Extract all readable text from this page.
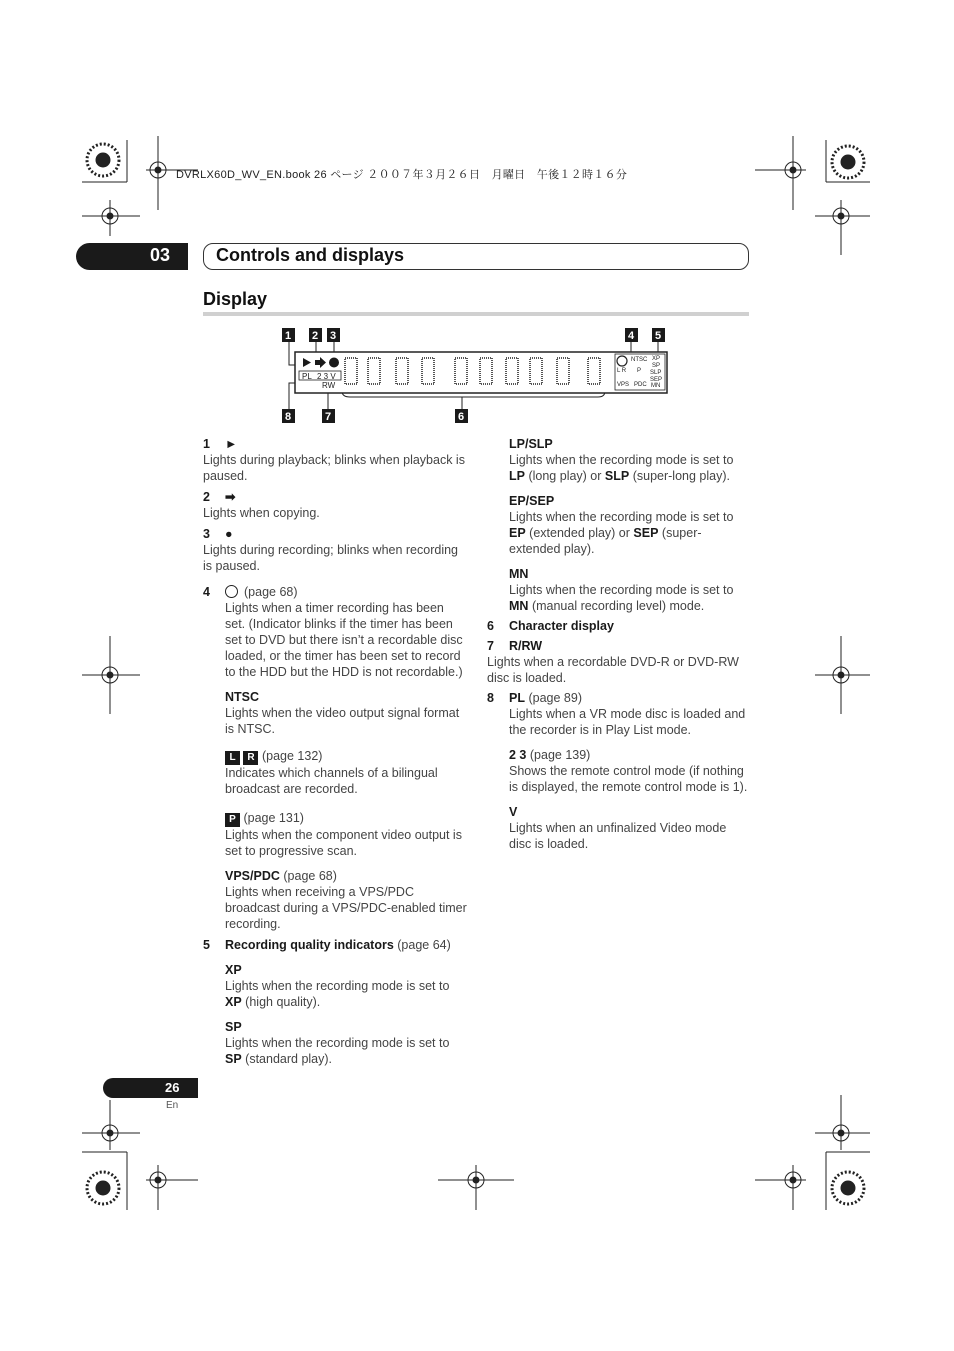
DVRLX60D_WV_EN.book 26 ページ ２００７年３月２６日　月曜日　午後１２時１６分
03	Controls and displays
Display
1 2 3	4 5
8	7	6
PL 2 3 V
RW
NTSC
L R P
VPS PDC
XP
SP
SLP
SEP
MN

1 ►

Lights during playback; blinks when playback is paused.

2 ➡

Lights when copying.

3 ●

Lights during recording; blinks when recording is paused.

4	(page 68)

Lights when a timer recording has been set. (Indicator blinks if the timer has been set to DVD but there isn’t a recordable disc loaded, or the timer has been set to record to the HDD but the HDD is not recordable.)

NTSC

Lights when the video output signal format is NTSC.

L R (page 132)

Indicates which channels of a bilingual broadcast are recorded.

P (page 131)

Lights when the component video output is set to progressive scan.

VPS/PDC (page 68)

Lights when receiving a VPS/PDC broadcast during a VPS/PDC-enabled timer recording.

5 Recording quality indicators (page 64)

XP

Lights when the recording mode is set to XP (high quality).

SP

Lights when the recording mode is set to SP (standard play).

LP/SLP

Lights when the recording mode is set to LP (long play) or SLP (super-long play).

EP/SEP

Lights when the recording mode is set to EP (extended play) or SEP (super-extended play).

MN

Lights when the recording mode is set to MN (manual recording level) mode.

6 Character display

7 R/RW

Lights when a recordable DVD-R or DVD-RW disc is loaded.

8 PL (page 89)

Lights when a VR mode disc is loaded and the recorder is in Play List mode.

2 3 (page 139)

Shows the remote control mode (if nothing is displayed, the remote control mode is 1).

V

Lights when an unfinalized Video mode disc is loaded.

26
En
